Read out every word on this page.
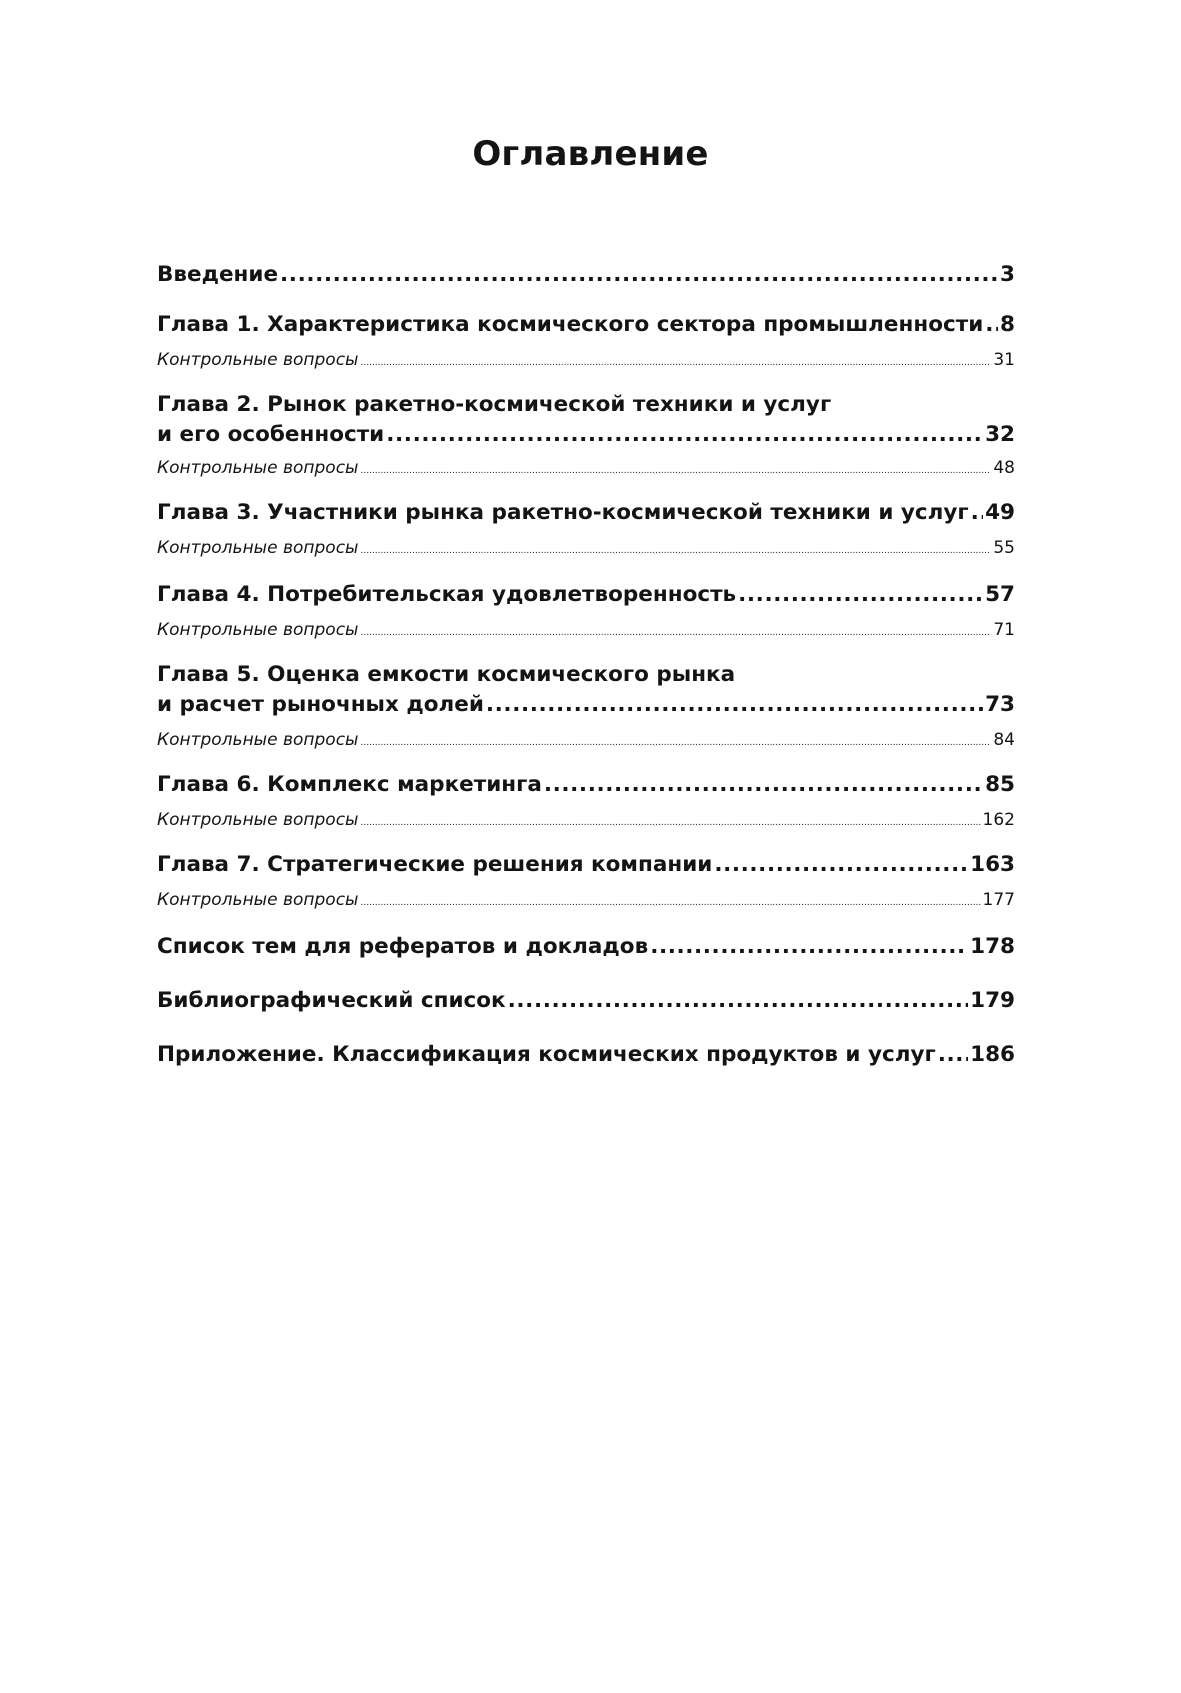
Оглавление
Введение .....	3
Глава 1. Характеристика космического сектора промышленности ..... 8
Контрольные вопросы .....	31
Глава 2. Рынок ракетно-космической техники и услуг
и его особенности .....	32
Контрольные вопросы .....	48
Глава 3. Участники рынка ракетно-космической техники и услуг ..... 49
Контрольные вопросы .....	55
Глава 4. Потребительская удовлетворенность .....	57
Контрольные вопросы .....	71
Глава 5. Оценка емкости космического рынка
и расчет рыночных долей .....	73
Контрольные вопросы .....	84
Глава 6. Комплекс маркетинга .....	85
Контрольные вопросы .....	162
Глава 7. Стратегические решения компании .....	163
Контрольные вопросы .....	177
Список тем для рефератов и докладов .....	178
Библиографический список .....	179
Приложение. Классификация космических продуктов и услуг ..... 186
